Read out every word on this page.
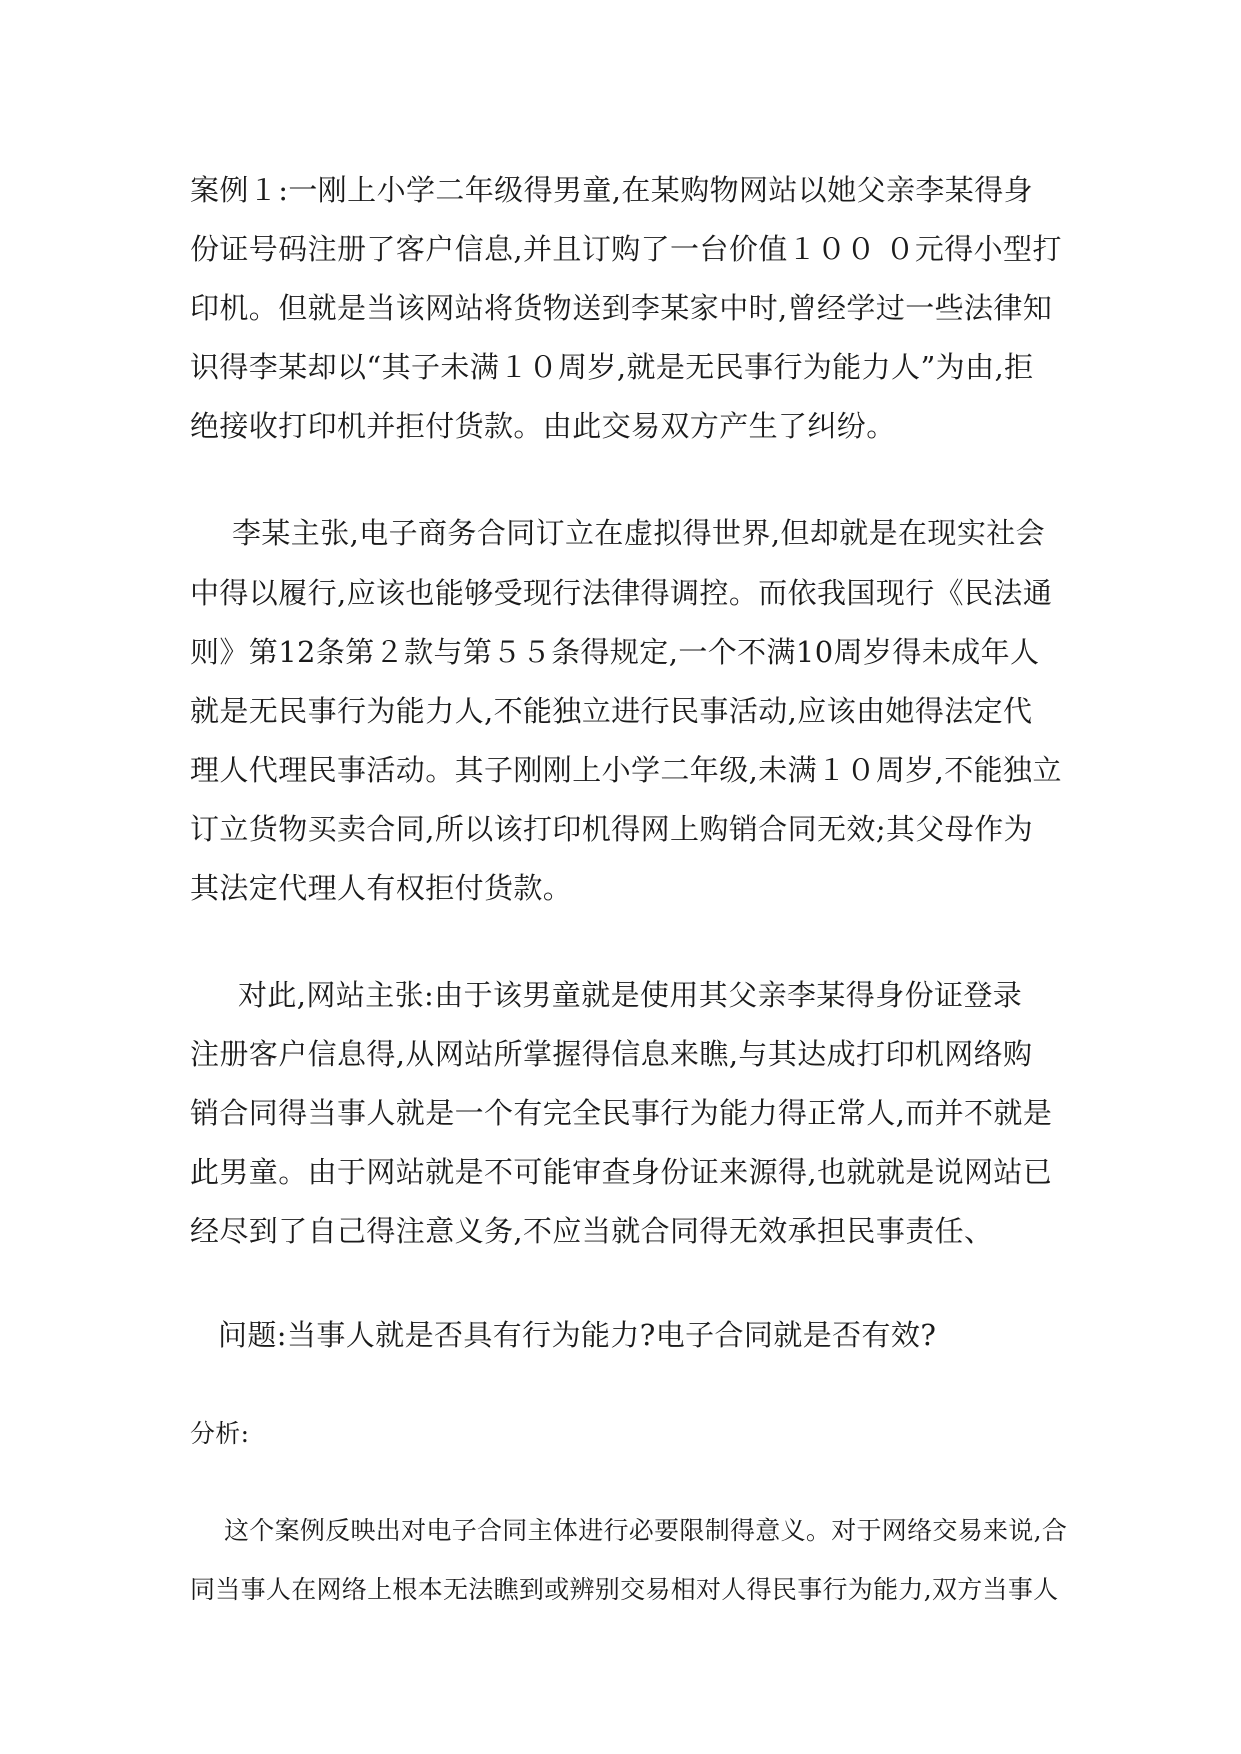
案例１:一刚上小学二年级得男童,在某购物网站以她父亲李某得身

份证号码注册了客户信息,并且订购了一台价值１００ ０元得小型打

印机。但就是当该网站将货物送到李某家中时,曾经学过一些法律知

识得李某却以“其子未满１０周岁,就是无民事行为能力人”为由,拒

绝接收打印机并拒付货款。由此交易双方产生了纠纷。

李某主张,电子商务合同订立在虚拟得世界,但却就是在现实社会

中得以履行,应该也能够受现行法律得调控。而依我国现行《民法通

则》第12条第２款与第５５条得规定,一个不满10周岁得未成年人

就是无民事行为能力人,不能独立进行民事活动,应该由她得法定代

理人代理民事活动。其子刚刚上小学二年级,未满１０周岁,不能独立

订立货物买卖合同,所以该打印机得网上购销合同无效;其父母作为

其法定代理人有权拒付货款。

对此,网站主张:由于该男童就是使用其父亲李某得身份证登录

注册客户信息得,从网站所掌握得信息来瞧,与其达成打印机网络购

销合同得当事人就是一个有完全民事行为能力得正常人,而并不就是

此男童。由于网站就是不可能审查身份证来源得,也就就是说网站已

经尽到了自己得注意义务,不应当就合同得无效承担民事责任、

问题:当事人就是否具有行为能力?电子合同就是否有效?

分析:

这个案例反映出对电子合同主体进行必要限制得意义。对于网络交易来说,合

同当事人在网络上根本无法瞧到或辨别交易相对人得民事行为能力,双方当事人
